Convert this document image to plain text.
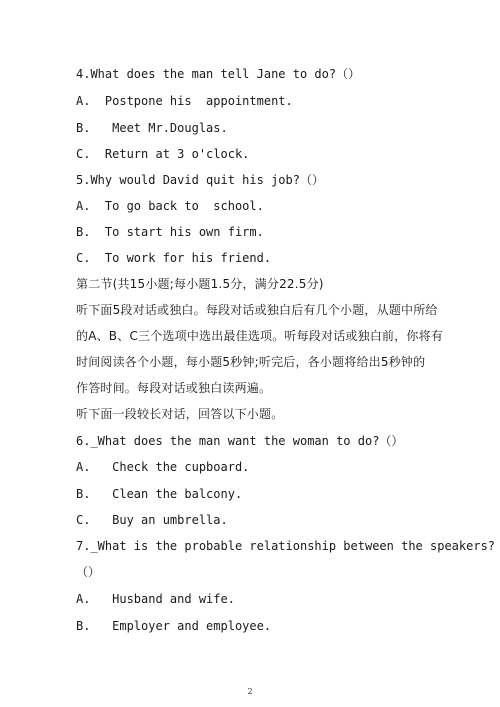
4.What does the man tell Jane to do?（）
A.  Postpone his  appointment.
B.   Meet Mr.Douglas.
C.  Return at 3 o'clock.
5.Why would David quit his job?（）
A.  To go back to  school.
B.  To start his own firm.
C.  To work for his friend.
第二节(共15小题;每小题1.5分，满分22.5分)
听下面5段对话或独白。每段对话或独白后有几个小题，从题中所给
的A、B、C三个选项中选出最佳选项。听每段对话或独白前，你将有
时间阅读各个小题，每小题5秒钟;听完后，各小题将给出5秒钟的
作答时间。每段对话或独白读两遍。
听下面一段较长对话，回答以下小题。
6._What does the man want the woman to do?（）
A.   Check the cupboard.
B.   Clean the balcony.
C.   Buy an umbrella.
7._What is the probable relationship between the speakers?
（）
A.   Husband and wife.
B.   Employer and employee.
2
